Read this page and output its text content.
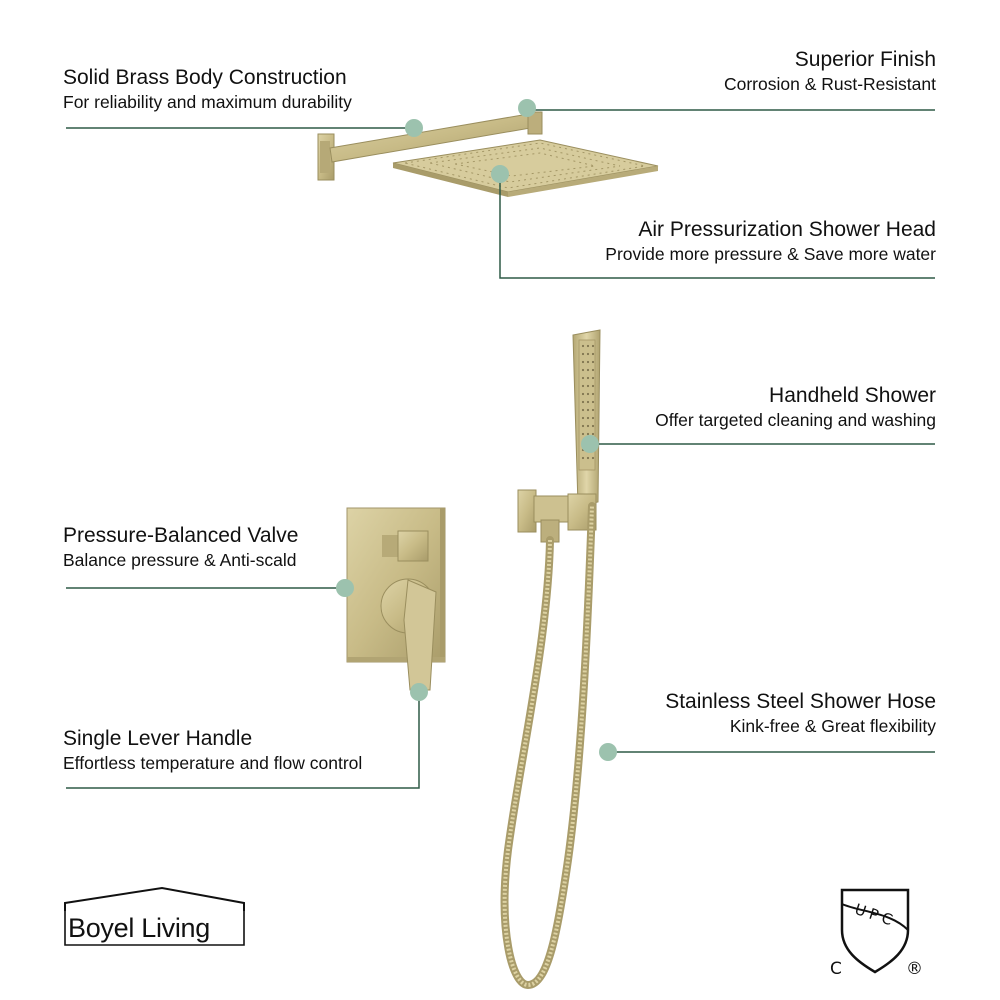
Solid Brass Body Construction
For reliability and maximum durability
Superior Finish
Corrosion & Rust-Resistant
Air Pressurization Shower Head
Provide more pressure & Save more water
Handheld Shower
Offer targeted cleaning and washing
Pressure-Balanced Valve
Balance pressure & Anti-scald
Stainless Steel Shower Hose
Kink-free & Great flexibility
Single Lever Handle
Effortless temperature and flow control
Boyel Living	UPC
C	®
